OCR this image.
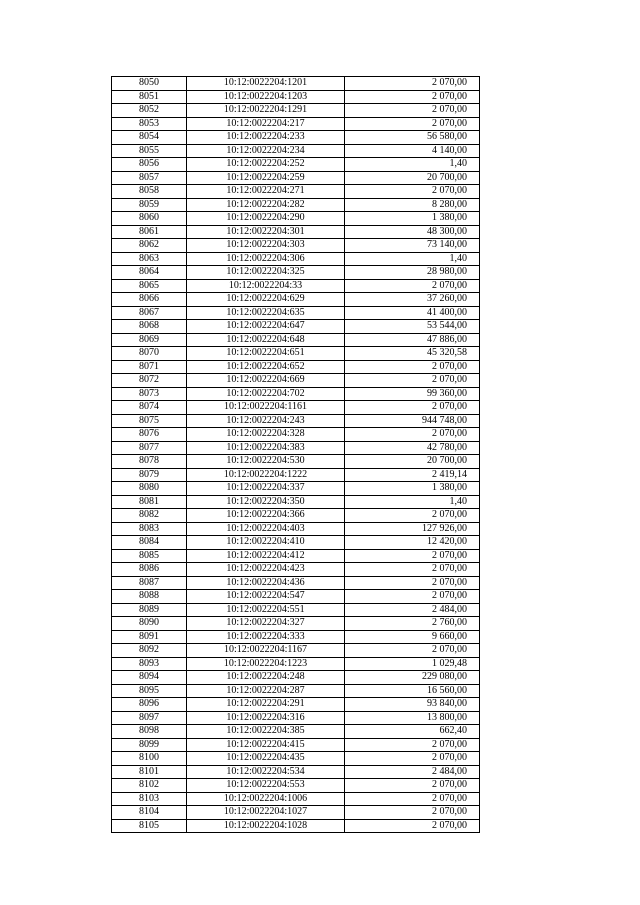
8050	10:12:0022204:1201	2 070,00
8051	10:12:0022204:1203	2 070,00
8052	10:12:0022204:1291	2 070,00
8053	10:12:0022204:217	2 070,00
8054	10:12:0022204:233	56 580,00
8055	10:12:0022204:234	4 140,00
8056	10:12:0022204:252	1,40
8057	10:12:0022204:259	20 700,00
8058	10:12:0022204:271	2 070,00
8059	10:12:0022204:282	8 280,00
8060	10:12:0022204:290	1 380,00
8061	10:12:0022204:301	48 300,00
8062	10:12:0022204:303	73 140,00
8063	10:12:0022204:306	1,40
8064	10:12:0022204:325	28 980,00
8065	10:12:0022204:33	2 070,00
8066	10:12:0022204:629	37 260,00
8067	10:12:0022204:635	41 400,00
8068	10:12:0022204:647	53 544,00
8069	10:12:0022204:648	47 886,00
8070	10:12:0022204:651	45 320,58
8071	10:12:0022204:652	2 070,00
8072	10:12:0022204:669	2 070,00
8073	10:12:0022204:702	99 360,00
8074	10:12:0022204:1161	2 070,00
8075	10:12:0022204:243	944 748,00
8076	10:12:0022204:328	2 070,00
8077	10:12:0022204:383	42 780,00
8078	10:12:0022204:530	20 700,00
8079	10:12:0022204:1222	2 419,14
8080	10:12:0022204:337	1 380,00
8081	10:12:0022204:350	1,40
8082	10:12:0022204:366	2 070,00
8083	10:12:0022204:403	127 926,00
8084	10:12:0022204:410	12 420,00
8085	10:12:0022204:412	2 070,00
8086	10:12:0022204:423	2 070,00
8087	10:12:0022204:436	2 070,00
8088	10:12:0022204:547	2 070,00
8089	10:12:0022204:551	2 484,00
8090	10:12:0022204:327	2 760,00
8091	10:12:0022204:333	9 660,00
8092	10:12:0022204:1167	2 070,00
8093	10:12:0022204:1223	1 029,48
8094	10:12:0022204:248	229 080,00
8095	10:12:0022204:287	16 560,00
8096	10:12:0022204:291	93 840,00
8097	10:12:0022204:316	13 800,00
8098	10:12:0022204:385	662,40
8099	10:12:0022204:415	2 070,00
8100	10:12:0022204:435	2 070,00
8101	10:12:0022204:534	2 484,00
8102	10:12:0022204:553	2 070,00
8103	10:12:0022204:1006	2 070,00
8104	10:12:0022204:1027	2 070,00
8105	10:12:0022204:1028	2 070,00
